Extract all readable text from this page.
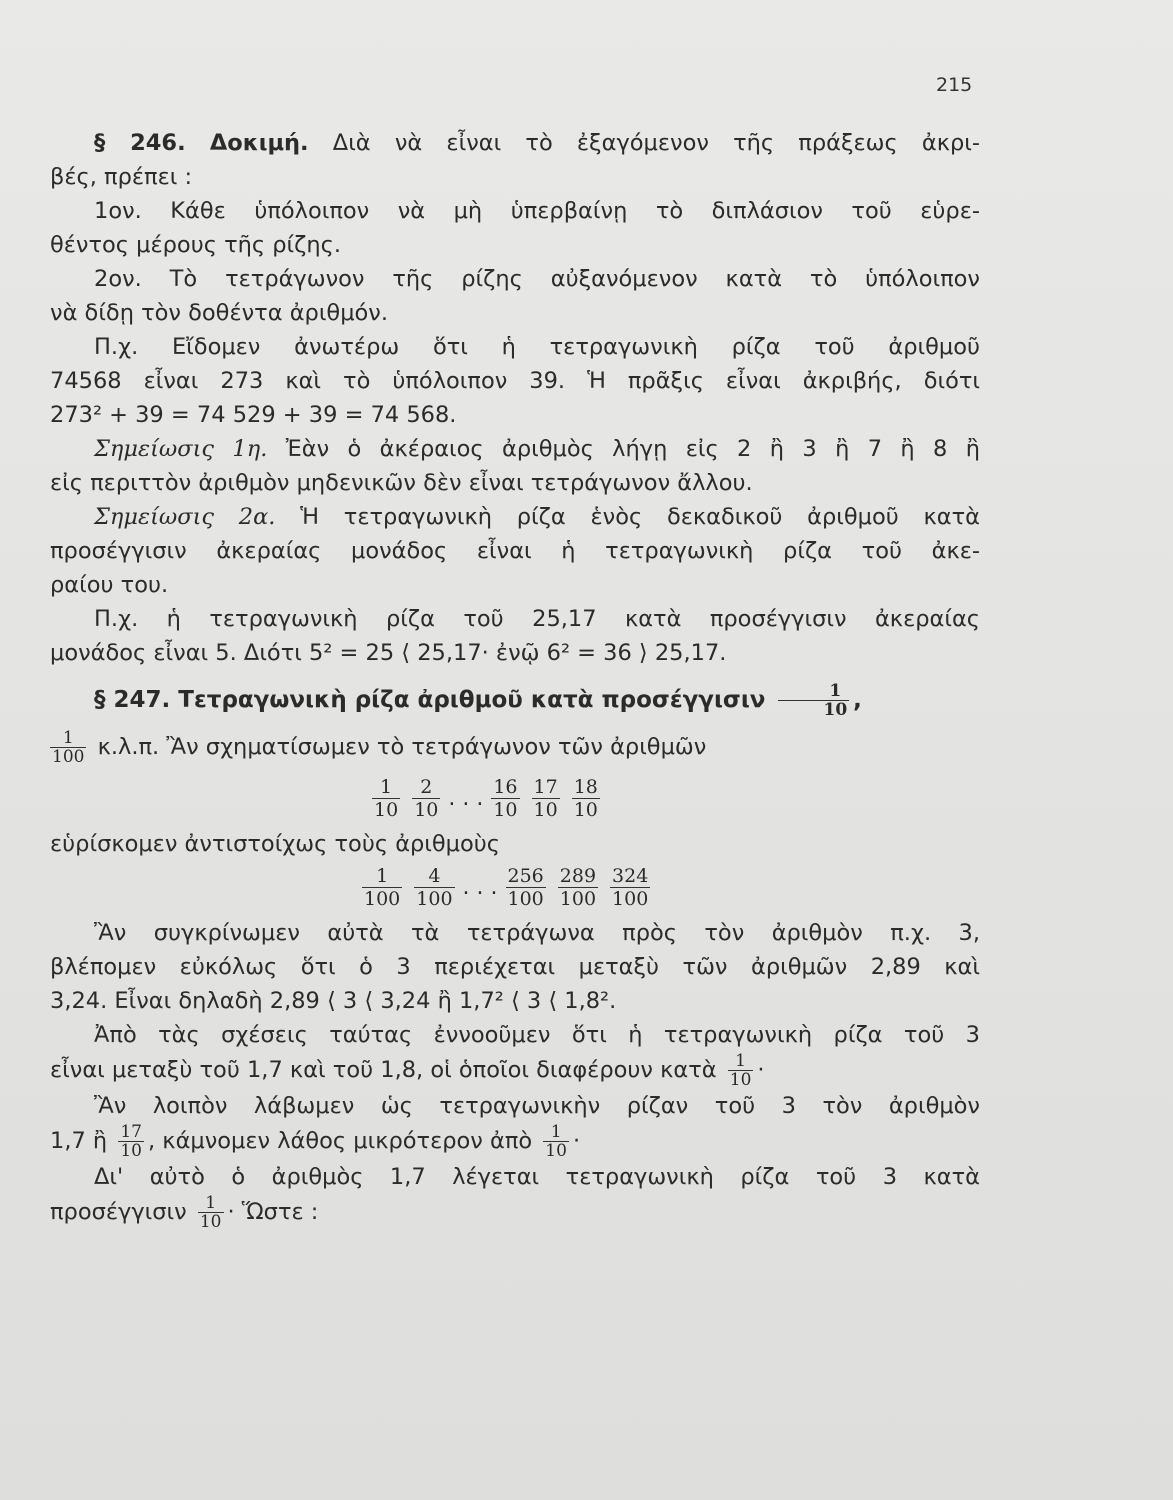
215

§ 246. Δοκιμή. Διὰ νὰ εἶναι τὸ ἐξαγόμενον τῆς πράξεως ἀκρι-

βές, πρέπει :

1ον. Κάθε ὑπόλοιπον νὰ μὴ ὑπερβαίνῃ τὸ διπλάσιον τοῦ εὑρε-

θέντος μέρους τῆς ρίζης.

2ον. Τὸ τετράγωνον τῆς ρίζης αὐξανόμενον κατὰ τὸ ὑπόλοιπον

νὰ δίδῃ τὸν δοθέντα ἀριθμόν.

Π.χ. Εἴδομεν ἀνωτέρω ὅτι ἡ τετραγωνικὴ ρίζα τοῦ ἀριθμοῦ

74568 εἶναι 273 καὶ τὸ ὑπόλοιπον 39. Ἡ πρᾶξις εἶναι ἀκριβής, διότι

273² + 39 = 74 529 + 39 = 74 568.

Σημείωσις 1η. Ἐὰν ὁ ἀκέραιος ἀριθμὸς λήγῃ εἰς 2 ἢ 3 ἢ 7 ἢ 8 ἢ

εἰς περιττὸν ἀριθμὸν μηδενικῶν δὲν εἶναι τετράγωνον ἄλλου.

Σημείωσις 2α. Ἡ τετραγωνικὴ ρίζα ἑνὸς δεκαδικοῦ ἀριθμοῦ κατὰ

προσέγγισιν ἀκεραίας μονάδος εἶναι ἡ τετραγωνικὴ ρίζα τοῦ ἀκε-

ραίου του.

Π.χ. ἡ τετραγωνικὴ ρίζα τοῦ 25,17 κατὰ προσέγγισιν ἀκεραίας

μονάδος εἶναι 5. Διότι 5² = 25 ⟨ 25,17· ἐνῷ 6² = 36 ⟩ 25,17.

§ 247. Τετραγωνικὴ ρίζα ἀριθμοῦ κατὰ προσέγγισιν $\frac{1}{10}$ ,

$\frac{1}{100} \kappa.\lambda.\pi$. Ἂν σχηματίσωμεν τὸ τετράγωνον τῶν ἀριθμῶν

$\frac{1}{10} \frac{2}{10}$ . . . $\frac{16}{10} \frac{17}{10} \frac{18}{10}$

εὑρίσκομεν ἀντιστοίχως τοὺς ἀριθμοὺς

$\frac{1}{100} \frac{4}{100}$ . . . $\frac{256}{100} \frac{289}{100} \frac{324}{100}$

Ἂν συγκρίνωμεν αὐτὰ τὰ τετράγωνα πρὸς τὸν ἀριθμὸν π.χ. 3,

βλέπομεν εὐκόλως ὅτι ὁ 3 περιέχεται μεταξὺ τῶν ἀριθμῶν 2,89 καὶ

3,24. Εἶναι δηλαδὴ 2,89 ⟨ 3 ⟨ 3,24 ἢ 1,7² ⟨ 3 ⟨ 1,8².

Ἀπὸ τὰς σχέσεις ταύτας ἐννοοῦμεν ὅτι ἡ τετραγωνικὴ ρίζα τοῦ 3

εἶναι μεταξὺ τοῦ 1,7 καὶ τοῦ 1,8, οἱ ὁποῖοι διαφέρουν κατὰ $\frac{1}{10}$ ·

Ἂν λοιπὸν λάβωμεν ὡς τετραγωνικὴν ρίζαν τοῦ 3 τὸν ἀριθμὸν

1,7 ἢ $\frac{17}{10}$ , κάμνομεν λάθος μικρότερον ἀπὸ $\frac{1}{10}$ ·

Δι' αὐτὸ ὁ ἀριθμὸς 1,7 λέγεται τετραγωνικὴ ρίζα τοῦ 3 κατὰ

προσέγγισιν $\frac{1}{10}$ · Ὥστε :
